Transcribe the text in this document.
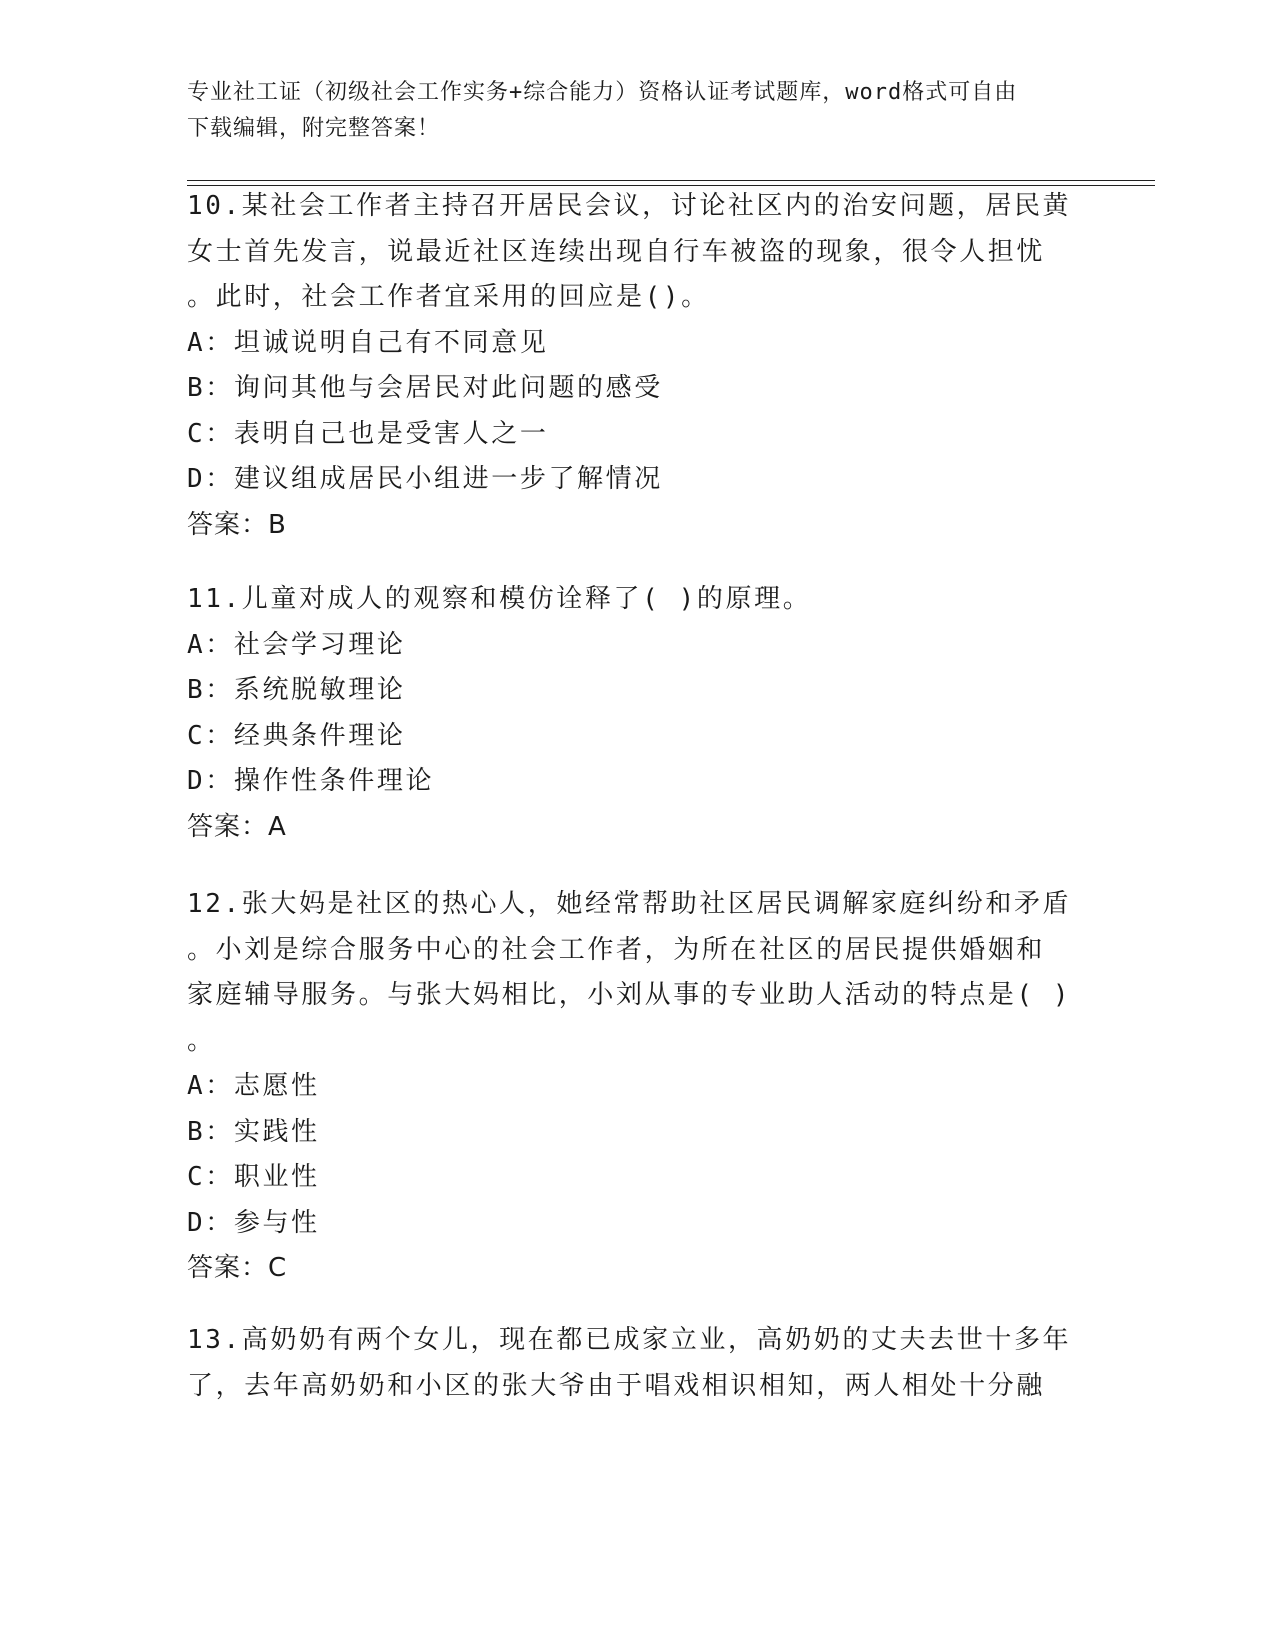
专业社工证（初级社会工作实务+综合能力）资格认证考试题库，word格式可自由
下载编辑，附完整答案！
10.某社会工作者主持召开居民会议，讨论社区内的治安问题，居民黄
女士首先发言，说最近社区连续出现自行车被盗的现象，很令人担忧
。此时，社会工作者宜采用的回应是()。
A：坦诚说明自己有不同意见
B：询问其他与会居民对此问题的感受
C：表明自己也是受害人之一
D：建议组成居民小组进一步了解情况
答案：B
11.儿童对成人的观察和模仿诠释了( )的原理。
A：社会学习理论
B：系统脱敏理论
C：经典条件理论
D：操作性条件理论
答案：A
12.张大妈是社区的热心人，她经常帮助社区居民调解家庭纠纷和矛盾
。小刘是综合服务中心的社会工作者，为所在社区的居民提供婚姻和
家庭辅导服务。与张大妈相比，小刘从事的专业助人活动的特点是( )
。
A：志愿性
B：实践性
C：职业性
D：参与性
答案：C
13.高奶奶有两个女儿，现在都已成家立业，高奶奶的丈夫去世十多年
了，去年高奶奶和小区的张大爷由于唱戏相识相知，两人相处十分融
